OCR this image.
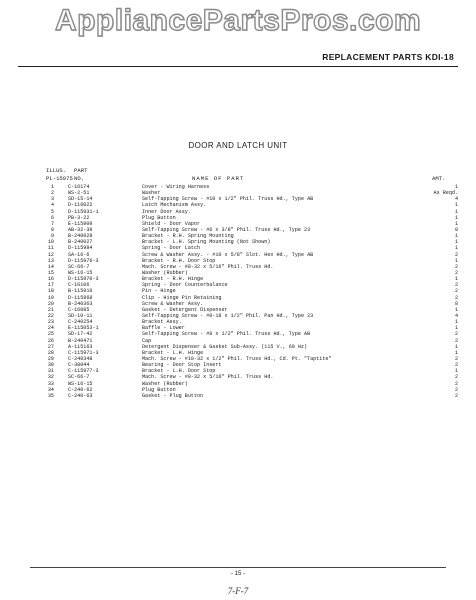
AppliancePartsPros.com
REPLACEMENT PARTS KDI-18
DOOR AND LATCH UNIT
ILLUS.
PL-15075
PART
NO.	NAME OF PART	AMT.
1	C-16174	Cover - Wiring Harness	1
2	WS-2-51	Washer	As Reqd.
3	SD-15-14	Self-Tapping Screw - #10 x 1/2" Phil. Truss Hd., Type AB	4
4	D-116022	Latch Mechanism Assy.	1
5	D-115931-1	Inner Door Assy.	1
6	PB-3-22	Plug Button	1
7	E-115909	Shield - Door Vapor	1
8	AB-32-39	Self-Tapping Screw - #6 x 3/8" Phil. Truss Hd., Type 23	8
9	B-240028	Bracket - R.H. Spring Mounting	1
10	B-240027	Bracket - L.H. Spring Mounting (Not Shown)	1
11	D-115984	Spring - Door Latch	1
12	SA-16-6	Screw & Washer Assy. - #10 x 5/8" Slot. Hex Hd., Type AB	2
13	D-115976-3	Bracket - R.H. Door Stop	1
14	SC-66-7	Mach. Screw - #8-32 x 5/16" Phil. Truss Hd.	2
15	WS-16-15	Washer (Rubber)	2
16	D-115970-3	Bracket - R.H. Hinge	1
17	C-16106	Spring - Door Counterbalance	2
18	B-115910	Pin - Hinge	2
19	D-115968	Clip - Hinge Pin Retaining	2
20	B-240363	Screw & Washer Assy.	8
21	C-16085	Gasket - Detergent Dispenser	1
22	SD-10-11	Self-Tapping Screw - #8-18 x 1/2" Phil. Pan Hd., Type 23	4
23	C-240254	Bracket Assy.	1
24	E-115053-1	Baffle - Lower	1
25	SD-17-42	Self-Tapping Screw - #8 x 1/2" Phil. Truss Hd., Type AB	2
26	B-240471	Cap	2
27	A-115163	Detergent Dispenser & Gasket Sub-Assy. (115 V., 60 Hz)	1
28	C-115971-3	Bracket - L.H. Hinge	1
29	C-240348	Mach. Screw - #10-32 x 1/2" Phil. Truss Hd., Cd. Pt. "Taptite"	2
30	C-38044	Bearing - Door Stop Insert	2
31	C-115977-3	Bracket - L.H. Door Stop	1
32	SC-66-7	Mach. Screw - #8-32 x 5/16" Phil. Truss Hd.	2
33	WS-16-15	Washer (Rubber)	2
34	C-240-62	Plug Button	2
35	C-240-63	Gasket - Plug Button	2
- 15 -
7-F-7
